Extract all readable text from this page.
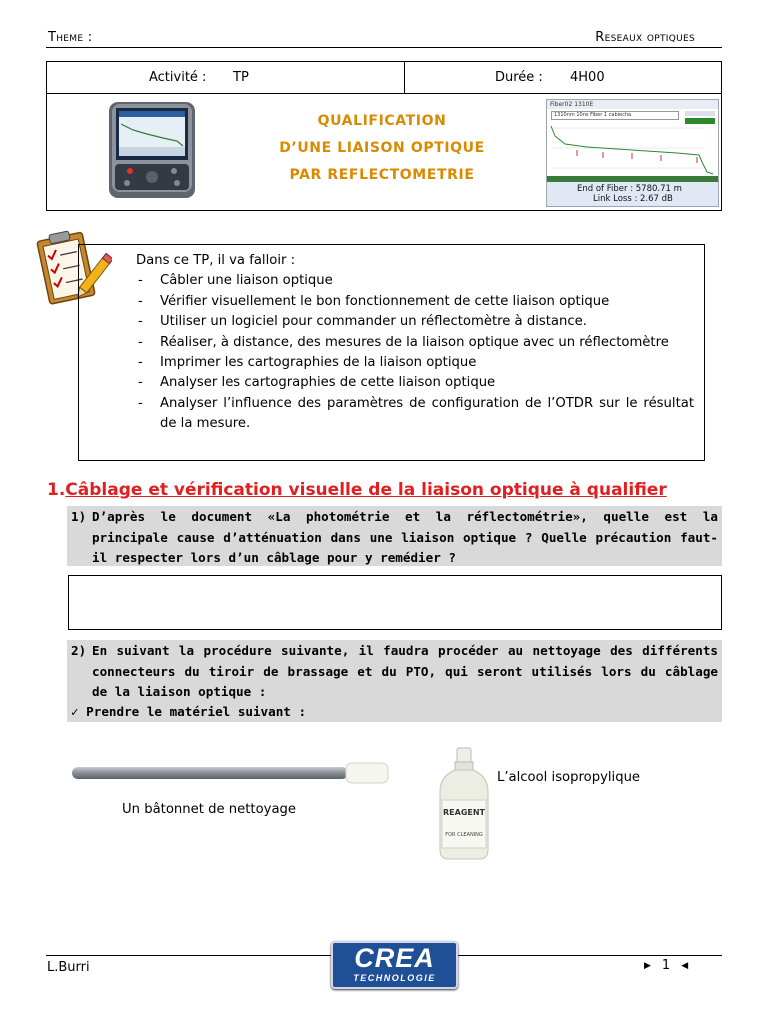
Theme :	Reseaux optiques
Activité : TP	Durée : 4H00
QUALIFICATION
D’UNE LIAISON OPTIQUE
PAR REFLECTOMETRIE
Fiber02 1310E
1310nm 10ns Fiber 1 cabiecha
End of Fiber : 5780.71 m
Link Loss : 2.67 dB
Dans ce TP, il va falloir :
- Câbler une liaison optique
- Vérifier visuellement le bon fonctionnement de cette liaison optique
- Utiliser un logiciel pour commander un réflectomètre à distance.
- Réaliser, à distance, des mesures de la liaison optique avec un réflectomètre
- Imprimer les cartographies de la liaison optique
- Analyser les cartographies de cette liaison optique
- Analyser l’influence des paramètres de configuration de l’OTDR sur le résultat de la mesure.
1.Câblage et vérification visuelle de la liaison optique à qualifier
1) D’après le document «La photométrie et la réflectométrie», quelle est la principale cause d’atténuation dans une liaison optique ? Quelle précaution faut-il respecter lors d’un câblage pour y remédier ?
2) En suivant la procédure suivante, il faudra procéder au nettoyage des différents connecteurs du tiroir de brassage et du PTO, qui seront utilisés lors du câblage de la liaison optique :
✓ Prendre le matériel suivant :
Un bâtonnet de nettoyage	REAGENT
FOR CLEANING
L’alcool isopropylique
L.Burri	CREA
TECHNOLOGIE
▶ 1 ◀
